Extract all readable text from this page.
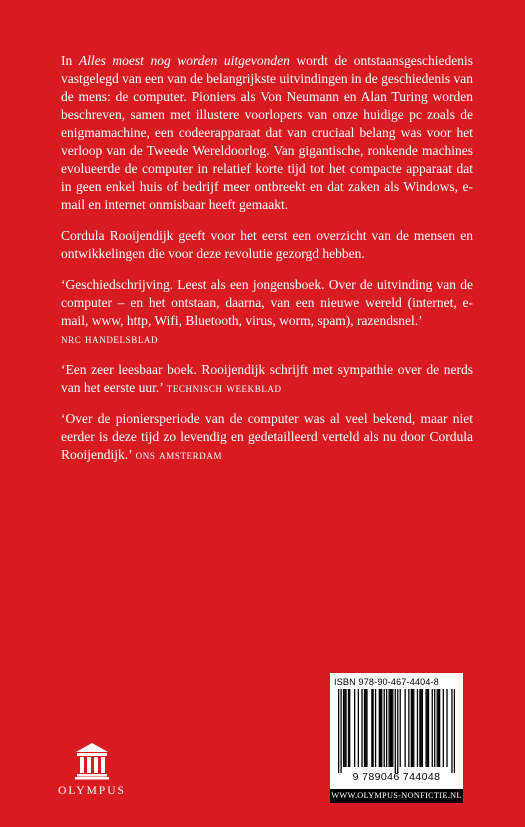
In Alles moest nog worden uitgevonden wordt de ontstaansgeschiedenis vastgelegd van een van de belangrijkste uitvindingen in de geschiedenis van de mens: de computer. Pioniers als Von Neumann en Alan Turing worden beschreven, samen met illustere voorlopers van onze huidige pc zoals de enigmamachine, een codeerapparaat dat van cruciaal belang was voor het verloop van de Tweede Wereldoorlog. Van gigantische, ronkende machines evolueerde de computer in relatief korte tijd tot het compacte apparaat dat in geen enkel huis of bedrijf meer ontbreekt en dat zaken als Windows, e-mail en internet onmisbaar heeft gemaakt.

Cordula Rooijendijk geeft voor het eerst een overzicht van de mensen en ontwikkelingen die voor deze revolutie gezorgd hebben.

‘Geschiedschrijving. Leest als een jongensboek. Over de uitvinding van de computer – en het ontstaan, daarna, van een nieuwe wereld (internet, e-mail, www, http, Wifi, Bluetooth, virus, worm, spam), razendsnel.’
nrc handelsblad

‘Een zeer leesbaar boek. Rooijendijk schrijft met sympathie over de nerds van het eerste uur.’ technisch weekblad

‘Over de pioniersperiode van de computer was al veel bekend, maar niet eerder is deze tijd zo levendig en gedetailleerd verteld als nu door Cordula Rooijendijk.’ ons amsterdam

OLYMPUS
ISBN 978-90-467-4404-8
9 789046 744048
WWW.OLYMPUS-NONFICTIE.NL
